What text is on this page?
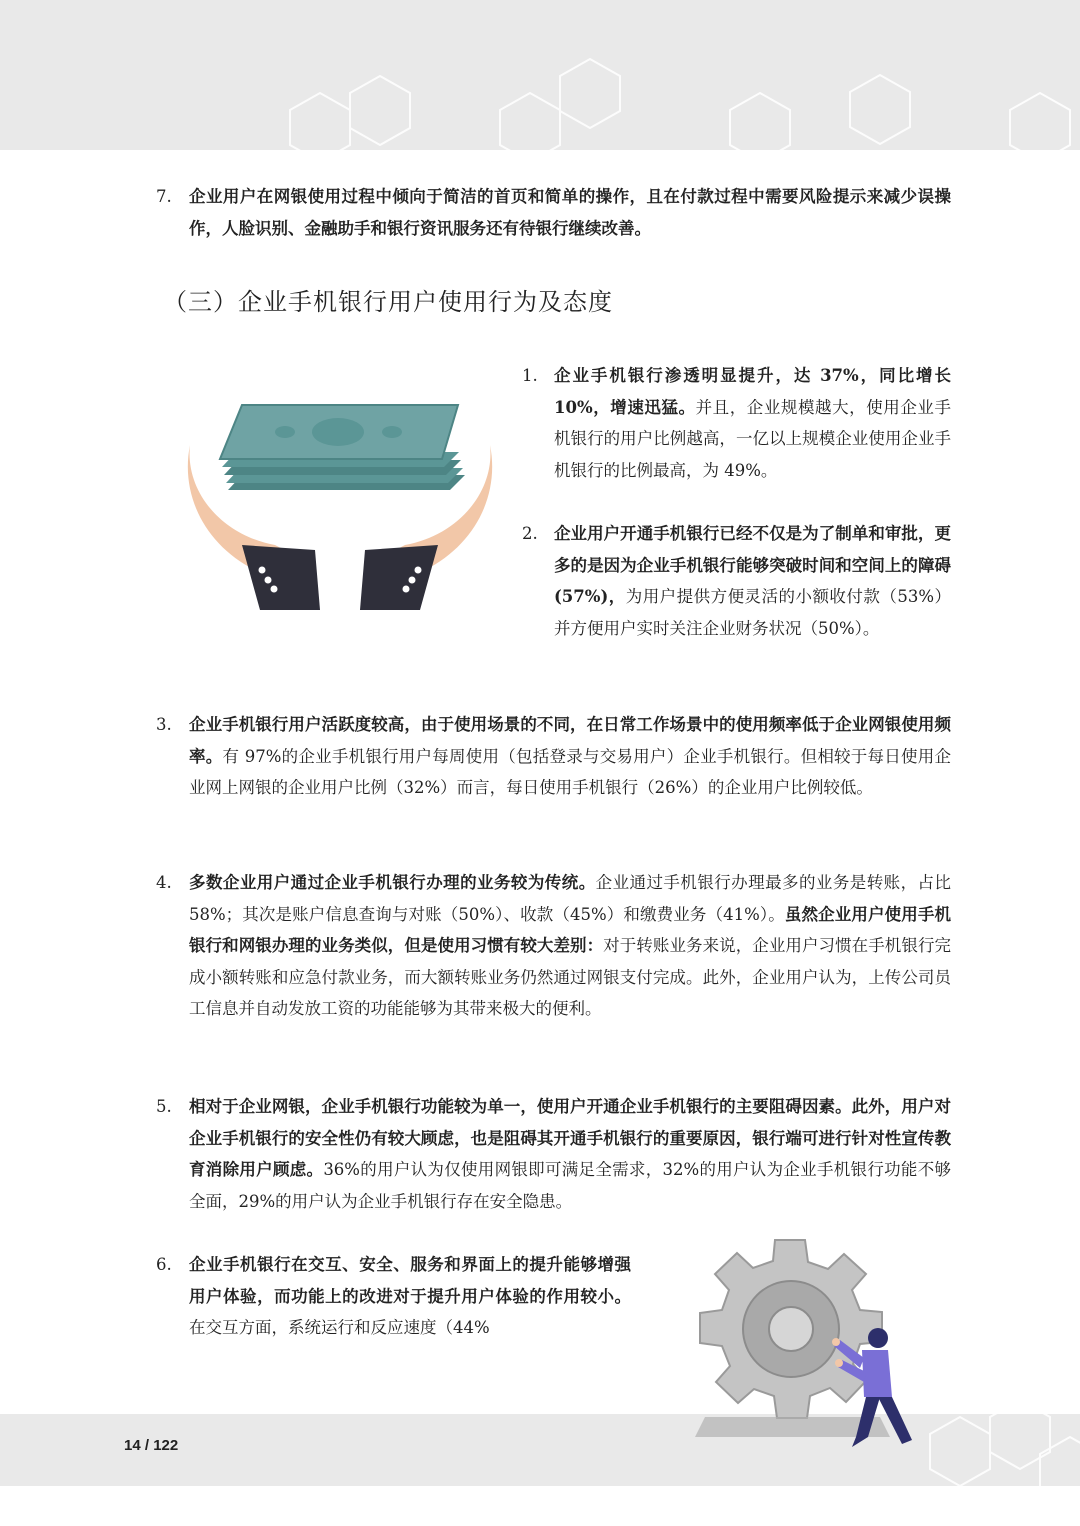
7. 企业用户在网银使用过程中倾向于简洁的首页和简单的操作，且在付款过程中需要风险提示来减少误操作，人脸识别、金融助手和银行资讯服务还有待银行继续改善。
（三）企业手机银行用户使用行为及态度
1. 企业手机银行渗透明显提升，达 37%，同比增长 10%，增速迅猛。并且，企业规模越大，使用企业手机银行的用户比例越高，一亿以上规模企业使用企业手机银行的比例最高，为 49%。
2. 企业用户开通手机银行已经不仅是为了制单和审批，更多的是因为企业手机银行能够突破时间和空间上的障碍 (57%)，为用户提供方便灵活的小额收付款（53%）并方便用户实时关注企业财务状况（50%）。
3. 企业手机银行用户活跃度较高，由于使用场景的不同，在日常工作场景中的使用频率低于企业网银使用频率。有 97%的企业手机银行用户每周使用（包括登录与交易用户）企业手机银行。但相较于每日使用企业网上网银的企业用户比例（32%）而言，每日使用手机银行（26%）的企业用户比例较低。
4. 多数企业用户通过企业手机银行办理的业务较为传统。企业通过手机银行办理最多的业务是转账，占比 58%；其次是账户信息查询与对账（50%）、收款（45%）和缴费业务（41%）。虽然企业用户使用手机银行和网银办理的业务类似，但是使用习惯有较大差别：对于转账业务来说，企业用户习惯在手机银行完成小额转账和应急付款业务，而大额转账业务仍然通过网银支付完成。此外，企业用户认为，上传公司员工信息并自动发放工资的功能能够为其带来极大的便利。
5. 相对于企业网银，企业手机银行功能较为单一，使用户开通企业手机银行的主要阻碍因素。此外，用户对企业手机银行的安全性仍有较大顾虑，也是阻碍其开通手机银行的重要原因，银行端可进行针对性宣传教育消除用户顾虑。36%的用户认为仅使用网银即可满足全需求，32%的用户认为企业手机银行功能不够全面，29%的用户认为企业手机银行存在安全隐患。
6. 企业手机银行在交互、安全、服务和界面上的提升能够增强用户体验，而功能上的改进对于提升用户体验的作用较小。在交互方面，系统运行和反应速度（44%
14 / 122
